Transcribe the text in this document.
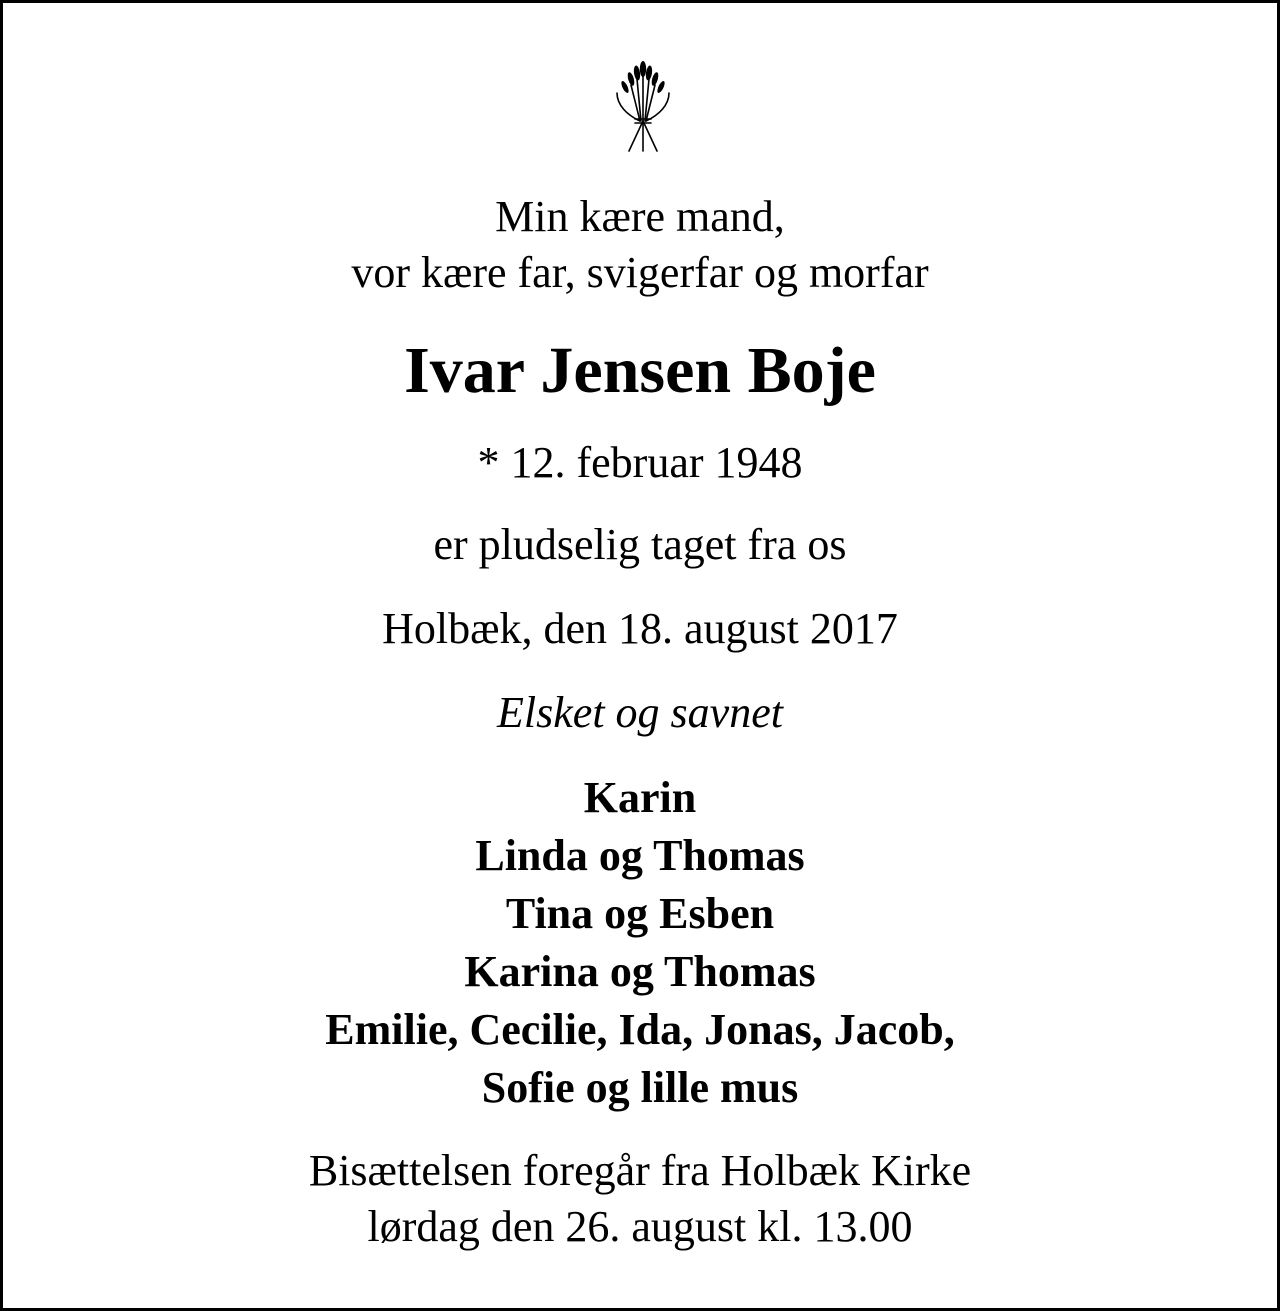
Min kære mand,
vor kære far, svigerfar og morfar
Ivar Jensen Boje
* 12. februar 1948
er pludselig taget fra os
Holbæk, den 18. august 2017
Elsket og savnet
Karin
Linda og Thomas
Tina og Esben
Karina og Thomas
Emilie, Cecilie, Ida, Jonas, Jacob,
Sofie og lille mus
Bisættelsen foregår fra Holbæk Kirke
lørdag den 26. august kl. 13.00
